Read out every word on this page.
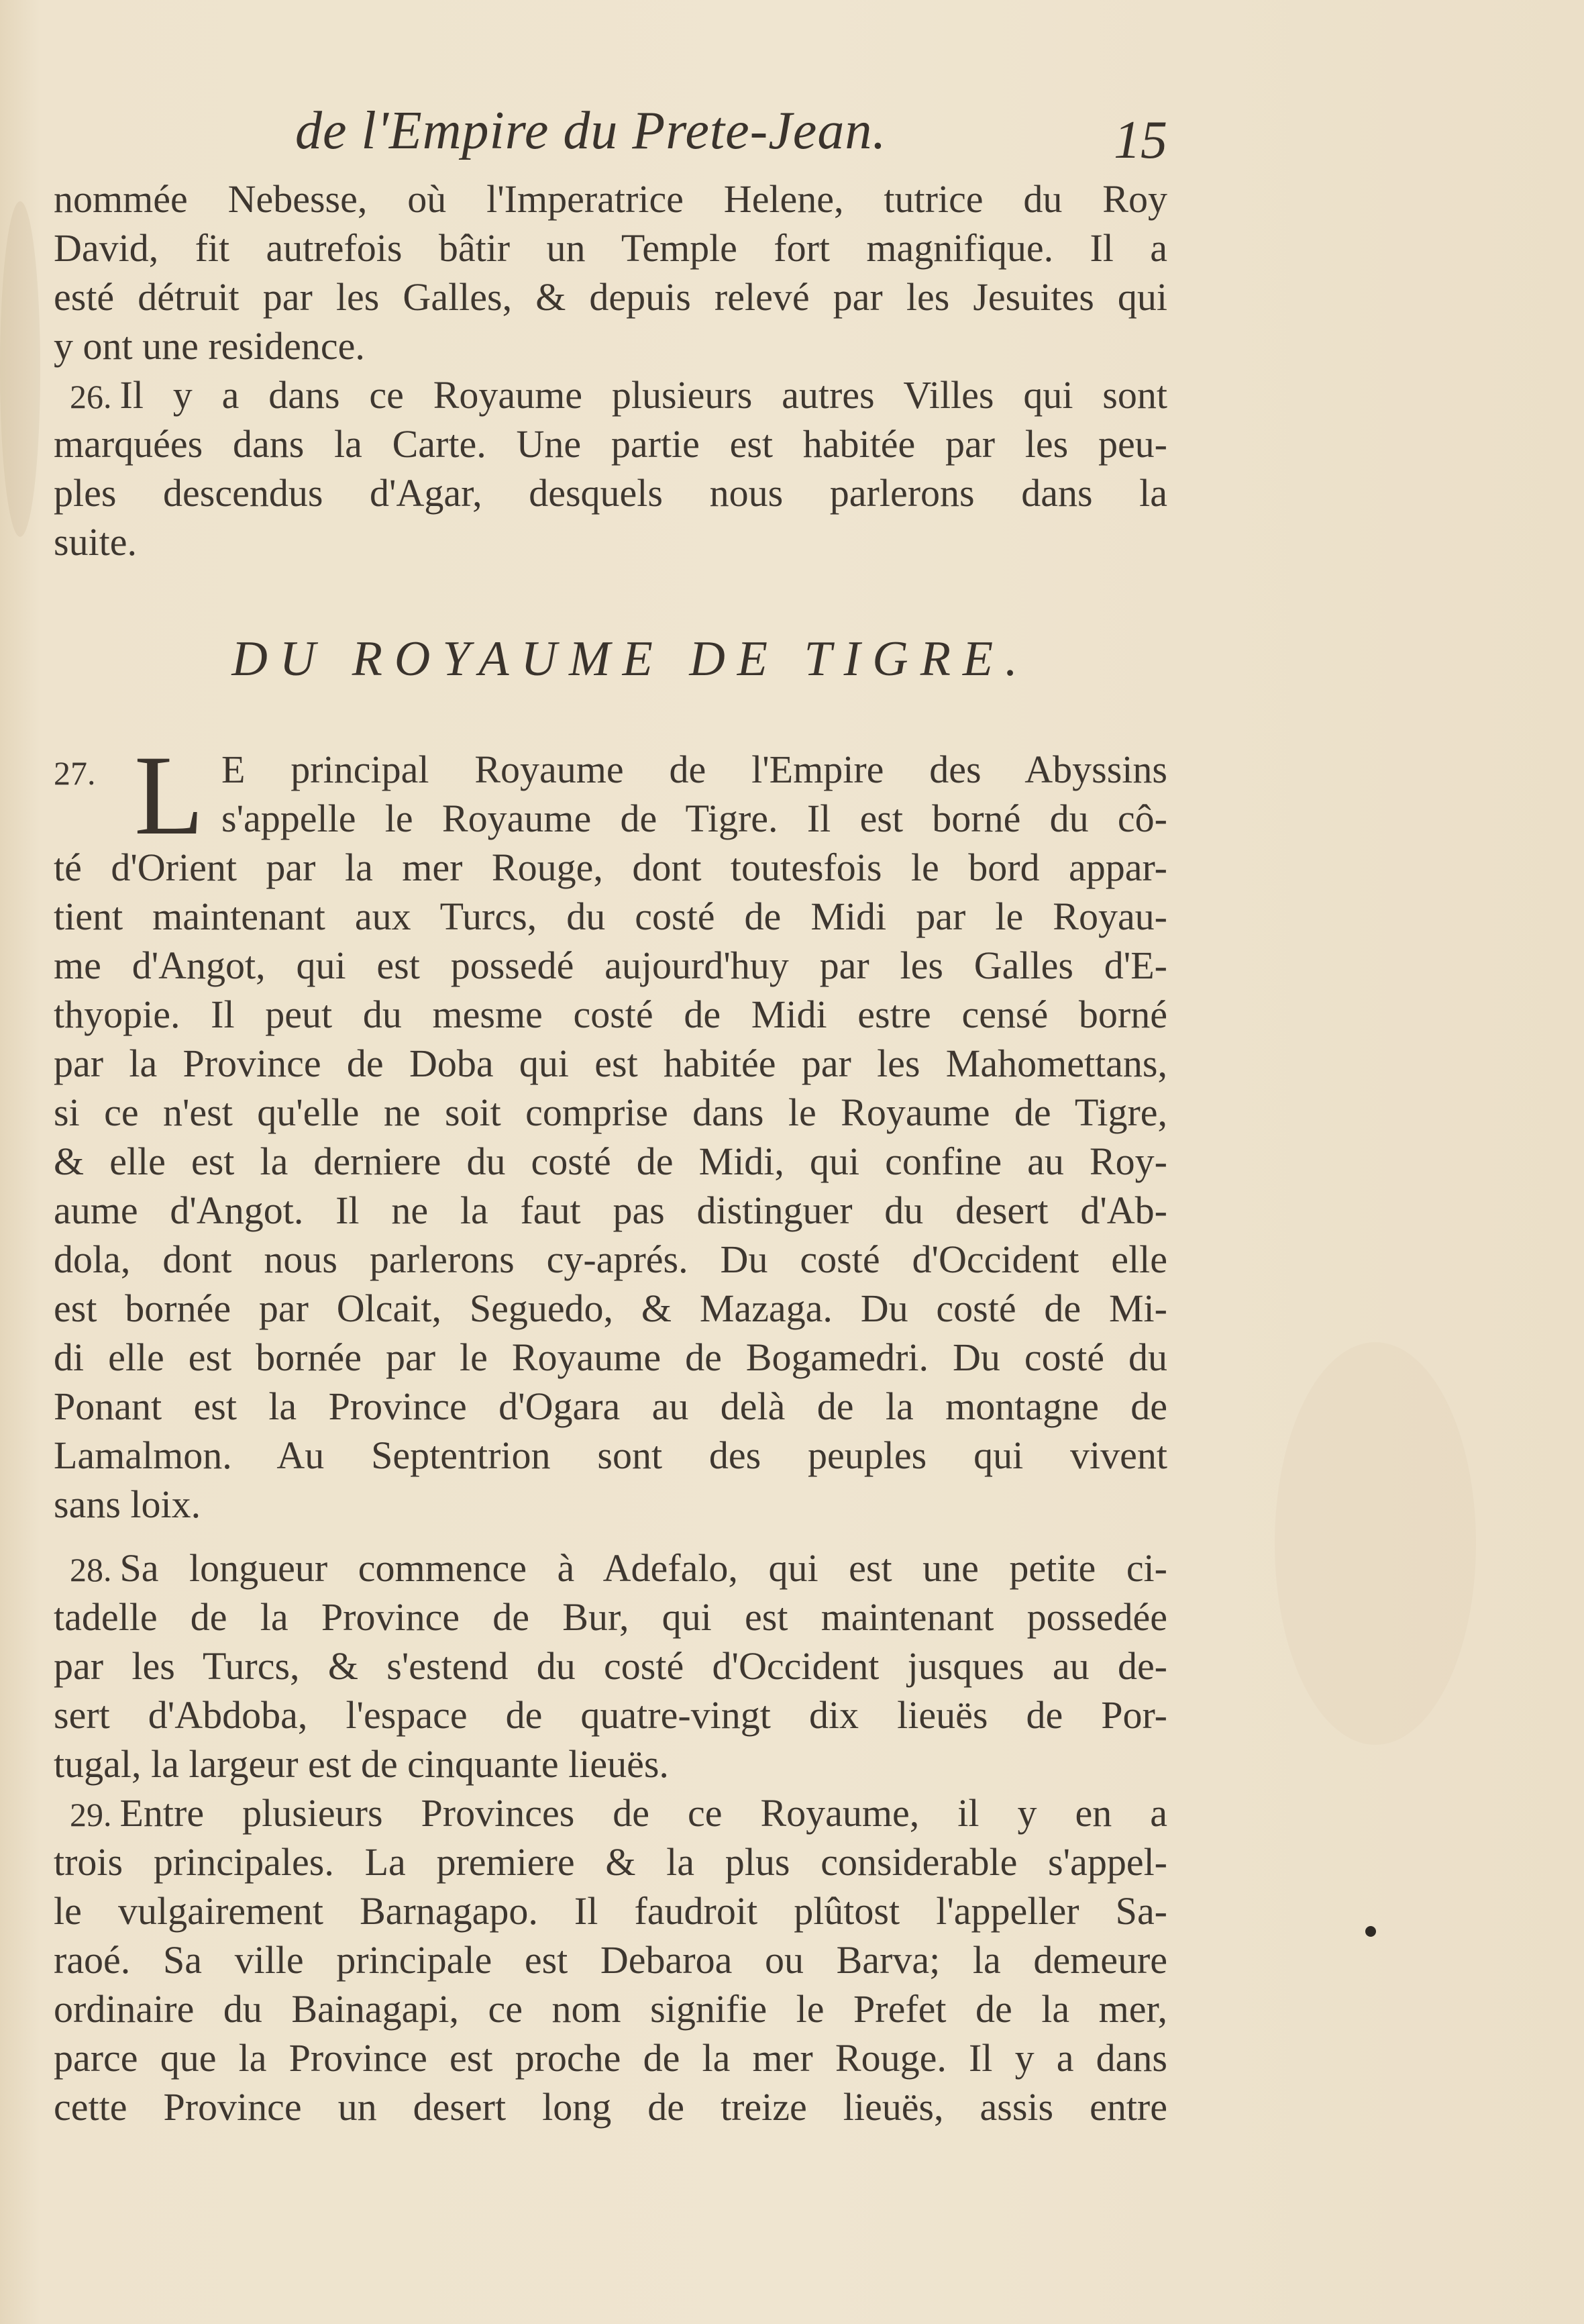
de l'Empire du Prete-Jean.	15
nommée Nebesse, où l'Imperatrice Helene, tutrice du Roy
David, fit autrefois bâtir un Temple fort magnifique. Il a
esté détruit par les Galles, & depuis relevé par les Jesuites qui
y ont une residence.
26. Il y a dans ce Royaume plusieurs autres Villes qui sont
marquées dans la Carte. Une partie est habitée par les peu-
ples descendus d'Agar, desquels nous parlerons dans la
suite.
DU ROYAUME DE TIGRE.
27. L E principal Royaume de l'Empire des Abyssins
s'appelle le Royaume de Tigre. Il est borné du cô-
té d'Orient par la mer Rouge, dont toutesfois le bord appar-
tient maintenant aux Turcs, du costé de Midi par le Royau-
me d'Angot, qui est possedé aujourd'huy par les Galles d'E-
thyopie. Il peut du mesme costé de Midi estre censé borné
par la Province de Doba qui est habitée par les Mahomettans,
si ce n'est qu'elle ne soit comprise dans le Royaume de Tigre,
& elle est la derniere du costé de Midi, qui confine au Roy-
aume d'Angot. Il ne la faut pas distinguer du desert d'Ab-
dola, dont nous parlerons cy-aprés. Du costé d'Occident elle
est bornée par Olcait, Seguedo, & Mazaga. Du costé de Mi-
di elle est bornée par le Royaume de Bogamedri. Du costé du
Ponant est la Province d'Ogara au delà de la montagne de
Lamalmon. Au Septentrion sont des peuples qui vivent
sans loix.
28. Sa longueur commence à Adefalo, qui est une petite ci-
tadelle de la Province de Bur, qui est maintenant possedée
par les Turcs, & s'estend du costé d'Occident jusques au de-
sert d'Abdoba, l'espace de quatre-vingt dix lieuës de Por-
tugal, la largeur est de cinquante lieuës.
29. Entre plusieurs Provinces de ce Royaume, il y en a
trois principales. La premiere & la plus considerable s'appel-
le vulgairement Barnagapo. Il faudroit plûtost l'appeller Sa-
raoé. Sa ville principale est Debaroa ou Barva; la demeure
ordinaire du Bainagapi, ce nom signifie le Prefet de la mer,
parce que la Province est proche de la mer Rouge. Il y a dans
cette Province un desert long de treize lieuës, assis entre
